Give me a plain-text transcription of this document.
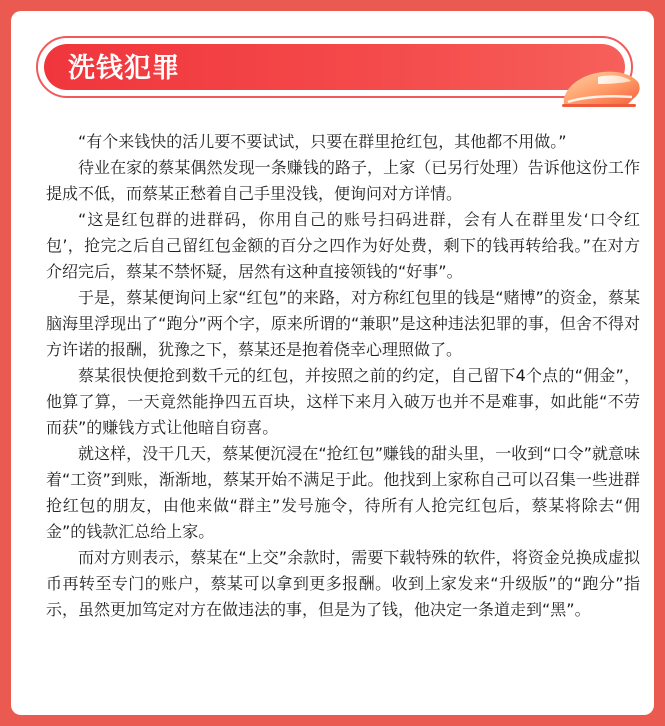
洗钱犯罪

“有个来钱快的活儿要不要试试，只要在群里抢红包，其他都不用做。”

待业在家的蔡某偶然发现一条赚钱的路子，上家（已另行处理）告诉他这份工作提成不低，而蔡某正愁着自己手里没钱，便询问对方详情。

“这是红包群的进群码，你用自己的账号扫码进群，会有人在群里发‘口令红包’，抢完之后自己留红包金额的百分之四作为好处费，剩下的钱再转给我。”在对方介绍完后，蔡某不禁怀疑，居然有这种直接领钱的“好事”。

于是，蔡某便询问上家“红包”的来路，对方称红包里的钱是“赌博”的资金，蔡某脑海里浮现出了“跑分”两个字，原来所谓的“兼职”是这种违法犯罪的事，但舍不得对方许诺的报酬，犹豫之下，蔡某还是抱着侥幸心理照做了。

蔡某很快便抢到数千元的红包，并按照之前的约定，自己留下4个点的“佣金”，他算了算，一天竟然能挣四五百块，这样下来月入破万也并不是难事，如此能“不劳而获”的赚钱方式让他暗自窃喜。

就这样，没干几天，蔡某便沉浸在“抢红包”赚钱的甜头里，一收到“口令”就意味着“工资”到账，渐渐地，蔡某开始不满足于此。他找到上家称自己可以召集一些进群抢红包的朋友，由他来做“群主”发号施令，待所有人抢完红包后，蔡某将除去“佣金”的钱款汇总给上家。

而对方则表示，蔡某在“上交”余款时，需要下载特殊的软件，将资金兑换成虚拟币再转至专门的账户，蔡某可以拿到更多报酬。收到上家发来“升级版”的“跑分”指示，虽然更加笃定对方在做违法的事，但是为了钱，他决定一条道走到“黑”。
